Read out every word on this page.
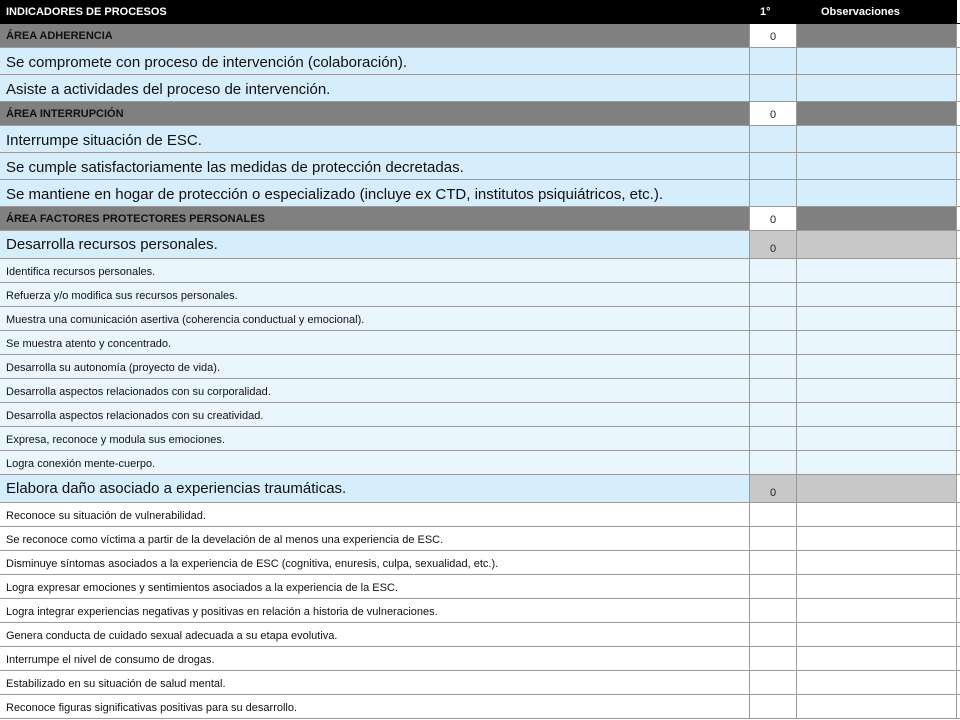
INDICADORES DE PROCESOS	1°	Observaciones
ÁREA ADHERENCIA	0
Se compromete con proceso de intervención (colaboración).
Asiste a actividades del proceso de intervención.
ÁREA INTERRUPCIÓN	0
Interrumpe situación de ESC.
Se cumple satisfactoriamente las medidas de protección decretadas.
Se mantiene en hogar de protección o especializado (incluye ex CTD, institutos psiquiátricos, etc.).
ÁREA FACTORES PROTECTORES PERSONALES	0
Desarrolla recursos personales.	0
Identifica recursos personales.
Refuerza y/o modifica sus recursos personales.
Muestra una comunicación asertiva (coherencia conductual y emocional).
Se muestra atento y concentrado.
Desarrolla su autonomía (proyecto de vida).
Desarrolla aspectos relacionados con su corporalidad.
Desarrolla aspectos relacionados con su creatividad.
Expresa, reconoce y modula sus emociones.
Logra conexión mente-cuerpo.
Elabora daño asociado a experiencias traumáticas.	0
Reconoce su situación de vulnerabilidad.
Se reconoce como víctima a partir de la develación de al menos una experiencia de ESC.
Disminuye síntomas asociados a la experiencia de ESC (cognitiva, enuresis, culpa, sexualidad, etc.).
Logra expresar emociones y sentimientos asociados a la experiencia de la ESC.
Logra integrar experiencias negativas y positivas en relación a historia de vulneraciones.
Genera conducta de cuidado sexual adecuada a su etapa evolutiva.
Interrumpe el nivel de consumo de drogas.
Estabilizado en su situación de salud mental.
Reconoce figuras significativas positivas para su desarrollo.
